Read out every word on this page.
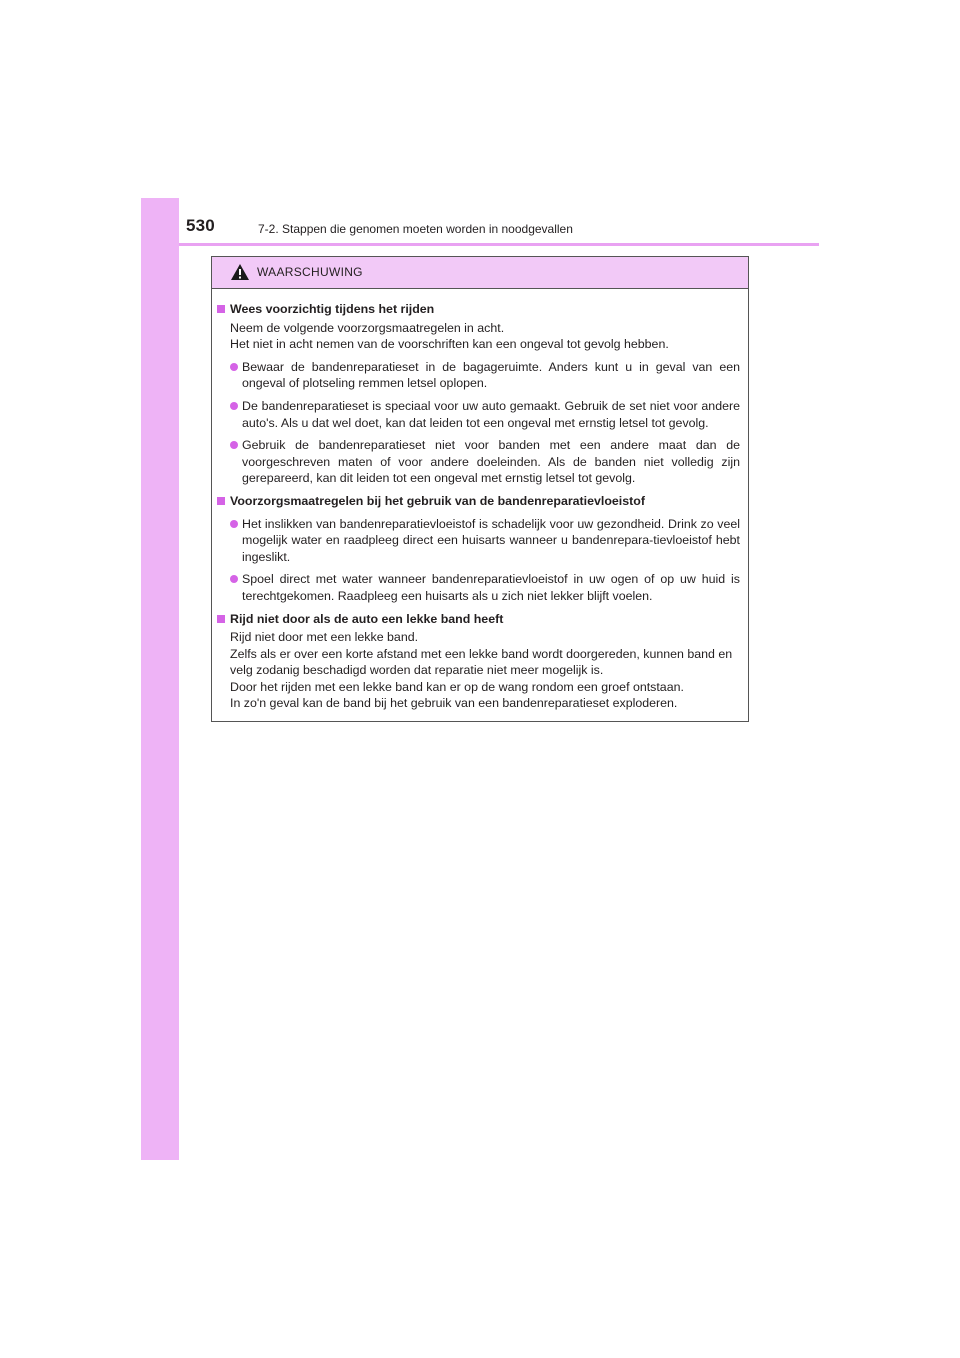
530	7-2. Stappen die genomen moeten worden in noodgevallen
WAARSCHUWING
Wees voorzichtig tijdens het rijden
Neem de volgende voorzorgsmaatregelen in acht.
Het niet in acht nemen van de voorschriften kan een ongeval tot gevolg hebben.
Bewaar de bandenreparatieset in de bagageruimte. Anders kunt u in geval van een ongeval of plotseling remmen letsel oplopen.
De bandenreparatieset is speciaal voor uw auto gemaakt. Gebruik de set niet voor andere auto's. Als u dat wel doet, kan dat leiden tot een ongeval met ernstig letsel tot gevolg.
Gebruik de bandenreparatieset niet voor banden met een andere maat dan de voorgeschreven maten of voor andere doeleinden. Als de banden niet volledig zijn gerepareerd, kan dit leiden tot een ongeval met ernstig letsel tot gevolg.
Voorzorgsmaatregelen bij het gebruik van de bandenreparatievloeistof
Het inslikken van bandenreparatievloeistof is schadelijk voor uw gezondheid. Drink zo veel mogelijk water en raadpleeg direct een huisarts wanneer u bandenrepara-tievloeistof hebt ingeslikt.
Spoel direct met water wanneer bandenreparatievloeistof in uw ogen of op uw huid is terechtgekomen. Raadpleeg een huisarts als u zich niet lekker blijft voelen.
Rijd niet door als de auto een lekke band heeft
Rijd niet door met een lekke band.
Zelfs als er over een korte afstand met een lekke band wordt doorgereden, kunnen band en velg zodanig beschadigd worden dat reparatie niet meer mogelijk is.
Door het rijden met een lekke band kan er op de wang rondom een groef ontstaan.
In zo'n geval kan de band bij het gebruik van een bandenreparatieset exploderen.
